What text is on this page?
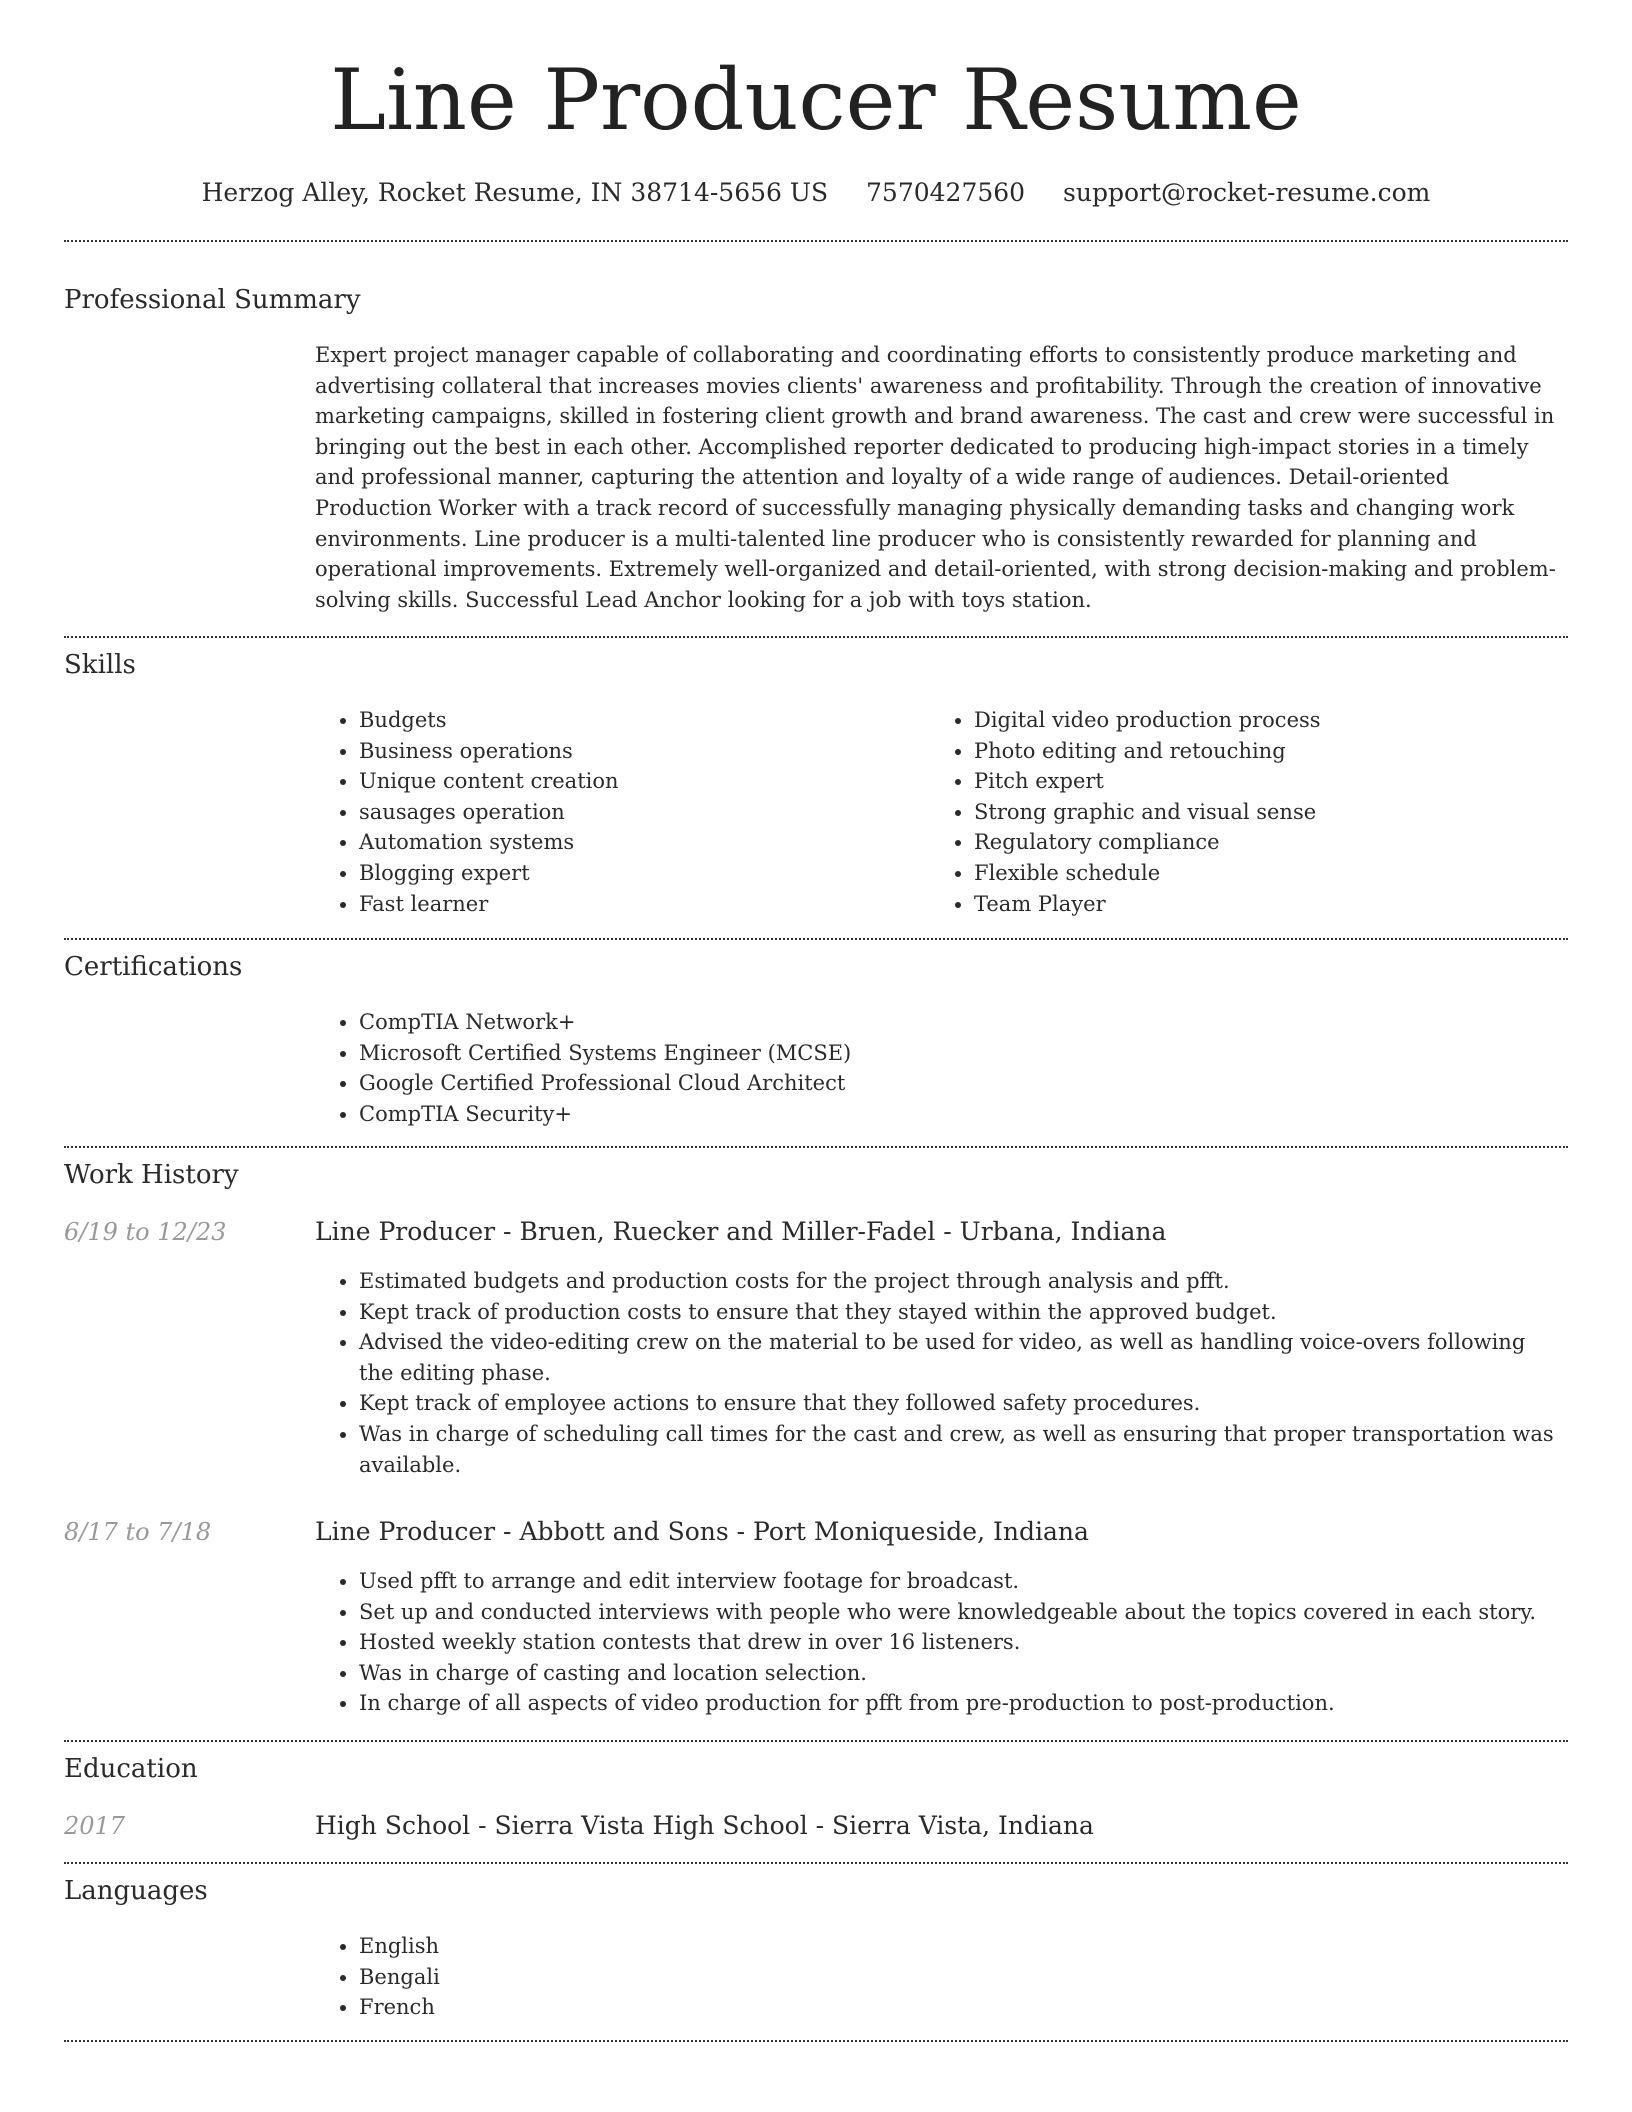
Line Producer Resume
Herzog Alley, Rocket Resume, IN 38714-5656 US 7570427560 support@rocket-resume.com
Professional Summary
Expert project manager capable of collaborating and coordinating efforts to consistently produce marketing and advertising collateral that increases movies clients' awareness and profitability. Through the creation of innovative marketing campaigns, skilled in fostering client growth and brand awareness. The cast and crew were successful in bringing out the best in each other. Accomplished reporter dedicated to producing high-impact stories in a timely and professional manner, capturing the attention and loyalty of a wide range of audiences. Detail-oriented Production Worker with a track record of successfully managing physically demanding tasks and changing work environments. Line producer is a multi-talented line producer who is consistently rewarded for planning and operational improvements. Extremely well-organized and detail-oriented, with strong decision-making and problem-solving skills. Successful Lead Anchor looking for a job with toys station.
Skills
• Budgets
• Business operations
• Unique content creation
• sausages operation
• Automation systems
• Blogging expert
• Fast learner
• Digital video production process
• Photo editing and retouching
• Pitch expert
• Strong graphic and visual sense
• Regulatory compliance
• Flexible schedule
• Team Player
Certifications
• CompTIA Network+
• Microsoft Certified Systems Engineer (MCSE)
• Google Certified Professional Cloud Architect
• CompTIA Security+
Work History
6/19 to 12/23	Line Producer - Bruen, Ruecker and Miller-Fadel - Urbana, Indiana
• Estimated budgets and production costs for the project through analysis and pfft.
• Kept track of production costs to ensure that they stayed within the approved budget.
• Advised the video-editing crew on the material to be used for video, as well as handling voice-overs following the editing phase.
• Kept track of employee actions to ensure that they followed safety procedures.
• Was in charge of scheduling call times for the cast and crew, as well as ensuring that proper transportation was available.
8/17 to 7/18	Line Producer - Abbott and Sons - Port Moniqueside, Indiana
• Used pfft to arrange and edit interview footage for broadcast.
• Set up and conducted interviews with people who were knowledgeable about the topics covered in each story.
• Hosted weekly station contests that drew in over 16 listeners.
• Was in charge of casting and location selection.
• In charge of all aspects of video production for pfft from pre-production to post-production.
Education
2017	High School - Sierra Vista High School - Sierra Vista, Indiana
Languages
• English
• Bengali
• French
